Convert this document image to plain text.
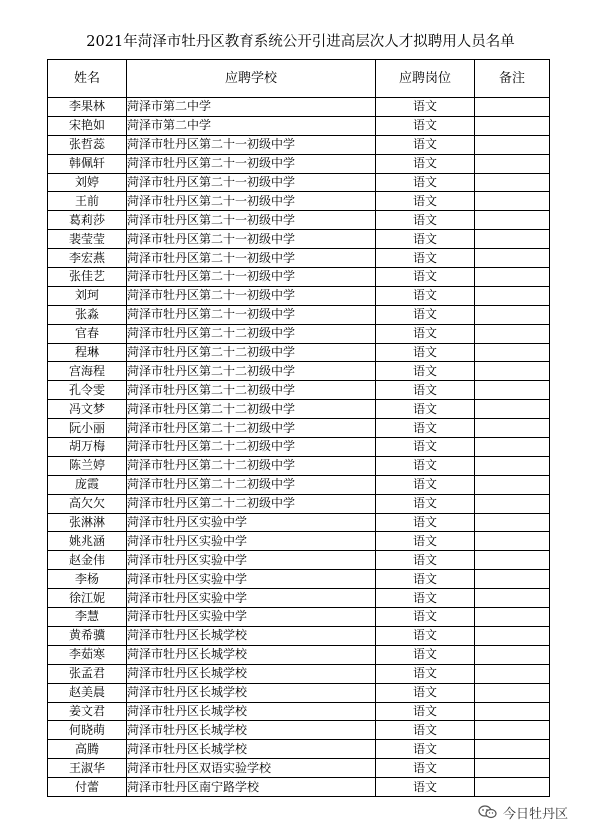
2021年菏泽市牡丹区教育系统公开引进高层次人才拟聘用人员名单
姓名	应聘学校	应聘岗位	备注
李果林	菏泽市第二中学	语文	
宋艳如	菏泽市第二中学	语文	
张哲蕊	菏泽市牡丹区第二十一初级中学	语文	
韩佩轩	菏泽市牡丹区第二十一初级中学	语文	
刘婷	菏泽市牡丹区第二十一初级中学	语文	
王前	菏泽市牡丹区第二十一初级中学	语文	
葛莉莎	菏泽市牡丹区第二十一初级中学	语文	
裴莹莹	菏泽市牡丹区第二十一初级中学	语文	
李宏燕	菏泽市牡丹区第二十一初级中学	语文	
张佳艺	菏泽市牡丹区第二十一初级中学	语文	
刘珂	菏泽市牡丹区第二十一初级中学	语文	
张淼	菏泽市牡丹区第二十一初级中学	语文	
官春	菏泽市牡丹区第二十二初级中学	语文	
程琳	菏泽市牡丹区第二十二初级中学	语文	
宫海程	菏泽市牡丹区第二十二初级中学	语文	
孔令雯	菏泽市牡丹区第二十二初级中学	语文	
冯文梦	菏泽市牡丹区第二十二初级中学	语文	
阮小丽	菏泽市牡丹区第二十二初级中学	语文	
胡万梅	菏泽市牡丹区第二十二初级中学	语文	
陈兰婷	菏泽市牡丹区第二十二初级中学	语文	
庞霞	菏泽市牡丹区第二十二初级中学	语文	
高欠欠	菏泽市牡丹区第二十二初级中学	语文	
张淋淋	菏泽市牡丹区实验中学	语文	
姚兆涵	菏泽市牡丹区实验中学	语文	
赵金伟	菏泽市牡丹区实验中学	语文	
李杨	菏泽市牡丹区实验中学	语文	
徐江妮	菏泽市牡丹区实验中学	语文	
李慧	菏泽市牡丹区实验中学	语文	
黄希骥	菏泽市牡丹区长城学校	语文	
李茹寒	菏泽市牡丹区长城学校	语文	
张孟君	菏泽市牡丹区长城学校	语文	
赵美晨	菏泽市牡丹区长城学校	语文	
姜文君	菏泽市牡丹区长城学校	语文	
何晓萌	菏泽市牡丹区长城学校	语文	
高腾	菏泽市牡丹区长城学校	语文	
王淑华	菏泽市牡丹区双语实验学校	语文	
付蕾	菏泽市牡丹区南宁路学校	语文	
今日牡丹区
